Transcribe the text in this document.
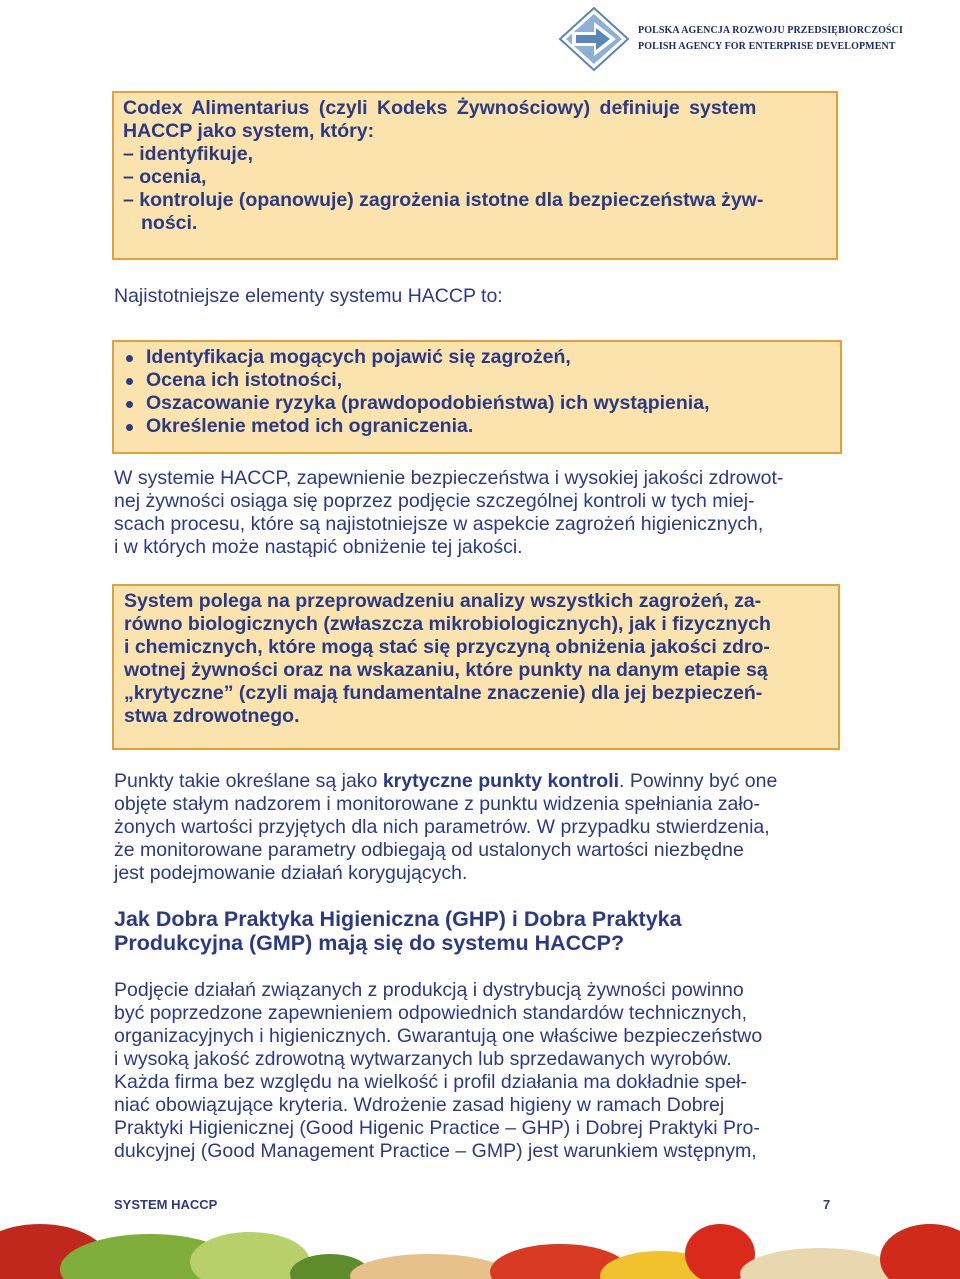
POLSKA AGENCJA ROZWOJU PRZEDSIĘBIORCZOŚCI
POLISH AGENCY FOR ENTERPRISE DEVELOPMENT
Codex Alimentarius (czyli Kodeks Żywnościowy) definiuje system
HACCP jako system, który:
– identyfikuje,
– ocenia,
– kontroluje (opanowuje) zagrożenia istotne dla bezpieczeństwa żyw-
ności.
Najistotniejsze elementy systemu HACCP to:
Identyfikacja mogących pojawić się zagrożeń,
Ocena ich istotności,
Oszacowanie ryzyka (prawdopodobieństwa) ich wystąpienia,
Określenie metod ich ograniczenia.
W systemie HACCP, zapewnienie bezpieczeństwa i wysokiej jakości zdrowot-
nej żywności osiąga się poprzez podjęcie szczególnej kontroli w tych miej-
scach procesu, które są najistotniejsze w aspekcie zagrożeń higienicznych,
i w których może nastąpić obniżenie tej jakości.
System polega na przeprowadzeniu analizy wszystkich zagrożeń, za-
równo biologicznych (zwłaszcza mikrobiologicznych), jak i fizycznych
i chemicznych, które mogą stać się przyczyną obniżenia jakości zdro-
wotnej żywności oraz na wskazaniu, które punkty na danym etapie są
„krytyczne” (czyli mają fundamentalne znaczenie) dla jej bezpieczeń-
stwa zdrowotnego.
Punkty takie określane są jako krytyczne punkty kontroli. Powinny być one
objęte stałym nadzorem i monitorowane z punktu widzenia spełniania zało-
żonych wartości przyjętych dla nich parametrów. W przypadku stwierdzenia,
że monitorowane parametry odbiegają od ustalonych wartości niezbędne
jest podejmowanie działań korygujących.
Jak Dobra Praktyka Higieniczna (GHP) i Dobra Praktyka
Produkcyjna (GMP) mają się do systemu HACCP?
Podjęcie działań związanych z produkcją i dystrybucją żywności powinno
być poprzedzone zapewnieniem odpowiednich standardów technicznych,
organizacyjnych i higienicznych. Gwarantują one właściwe bezpieczeństwo
i wysoką jakość zdrowotną wytwarzanych lub sprzedawanych wyrobów.
Każda firma bez względu na wielkość i profil działania ma dokładnie speł-
niać obowiązujące kryteria. Wdrożenie zasad higieny w ramach Dobrej
Praktyki Higienicznej (Good Higenic Practice – GHP) i Dobrej Praktyki Pro-
dukcyjnej (Good Management Practice – GMP) jest warunkiem wstępnym,
SYSTEM HACCP	7
